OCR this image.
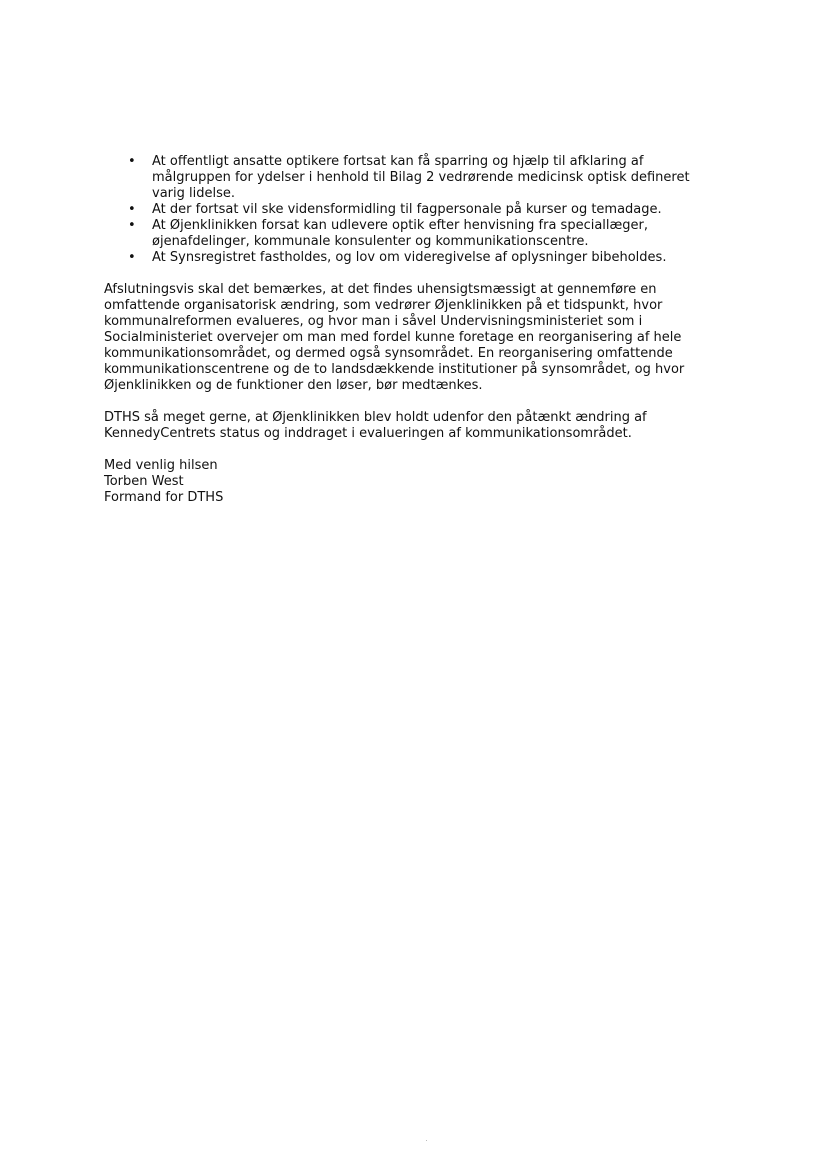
• At offentligt ansatte optikere fortsat kan få sparring og hjælp til afklaring af målgruppen for ydelser i henhold til Bilag 2 vedrørende medicinsk optisk defineret varig lidelse.
• At der fortsat vil ske vidensformidling til fagpersonale på kurser og temadage.
• At Øjenklinikken forsat kan udlevere optik efter henvisning fra speciallæger, øjenafdelinger, kommunale konsulenter og kommunikationscentre.
• At Synsregistret fastholdes, og lov om videregivelse af oplysninger bibeholdes.

Afslutningsvis skal det bemærkes, at det findes uhensigtsmæssigt at gennemføre en omfattende organisatorisk ændring, som vedrører Øjenklinikken på et tidspunkt, hvor kommunalreformen evalueres, og hvor man i såvel Undervisningsministeriet som i Socialministeriet overvejer om man med fordel kunne foretage en reorganisering af hele kommunikationsområdet, og dermed også synsområdet. En reorganisering omfattende kommunikationscentrene og de to landsdækkende institutioner på synsområdet, og hvor Øjenklinikken og de funktioner den løser, bør medtænkes.

DTHS så meget gerne, at Øjenklinikken blev holdt udenfor den påtænkt ændring af KennedyCentrets status og inddraget i evalueringen af kommunikationsområdet.

Med venlig hilsen
Torben West
Formand for DTHS
